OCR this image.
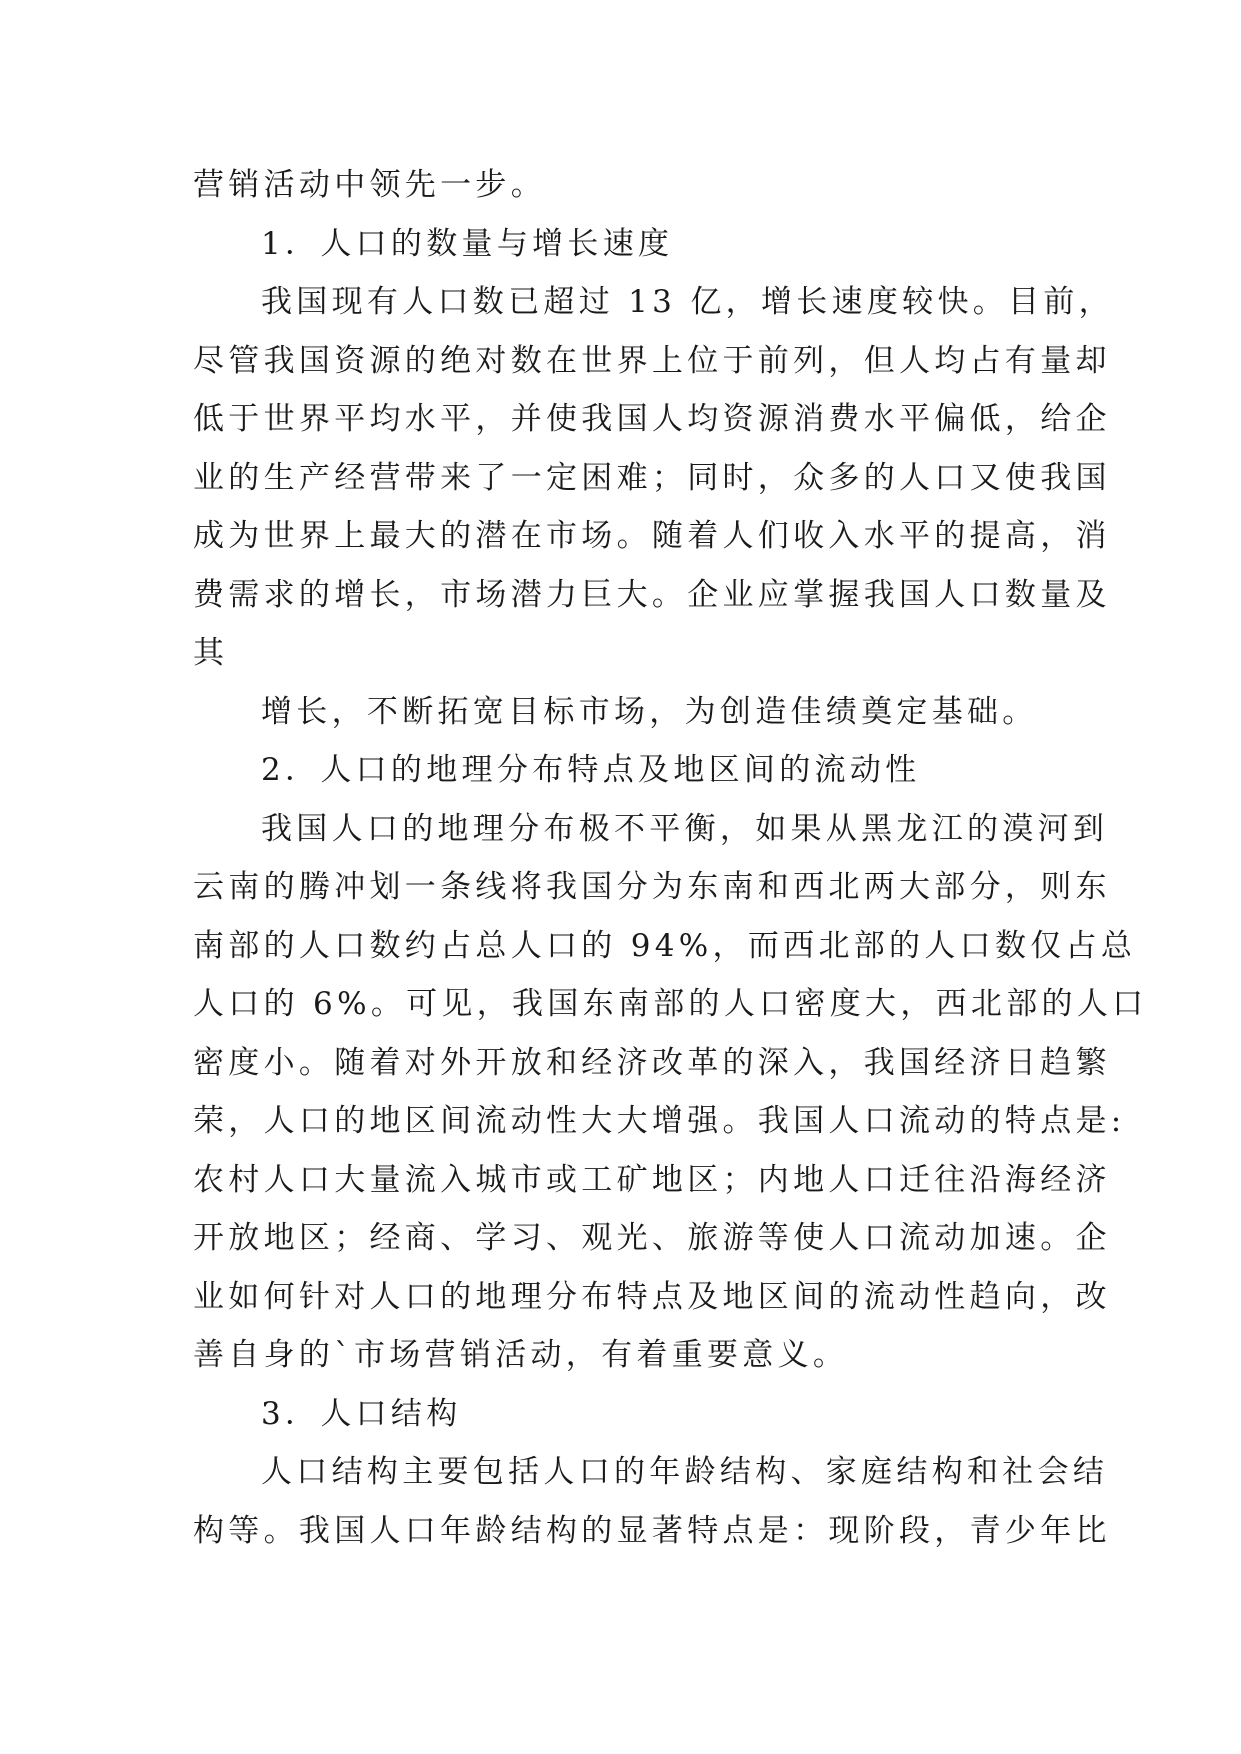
营销活动中领先一步。

1．人口的数量与增长速度

我国现有人口数已超过 13 亿，增长速度较快。目前，

尽管我国资源的绝对数在世界上位于前列，但人均占有量却

低于世界平均水平，并使我国人均资源消费水平偏低，给企

业的生产经营带来了一定困难；同时，众多的人口又使我国

成为世界上最大的潜在市场。随着人们收入水平的提高，消

费需求的增长，市场潜力巨大。企业应掌握我国人口数量及

其

增长，不断拓宽目标市场，为创造佳绩奠定基础。

2．人口的地理分布特点及地区间的流动性

我国人口的地理分布极不平衡，如果从黑龙江的漠河到

云南的腾冲划一条线将我国分为东南和西北两大部分，则东

南部的人口数约占总人口的 94%，而西北部的人口数仅占总

人口的 6%。可见，我国东南部的人口密度大，西北部的人口

密度小。随着对外开放和经济改革的深入，我国经济日趋繁

荣，人口的地区间流动性大大增强。我国人口流动的特点是:

农村人口大量流入城市或工矿地区；内地人口迁往沿海经济

开放地区；经商、学习、观光、旅游等使人口流动加速。企

业如何针对人口的地理分布特点及地区间的流动性趋向，改

善自身的`市场营销活动，有着重要意义。

3．人口结构

人口结构主要包括人口的年龄结构、家庭结构和社会结

构等。我国人口年龄结构的显著特点是：现阶段，青少年比
